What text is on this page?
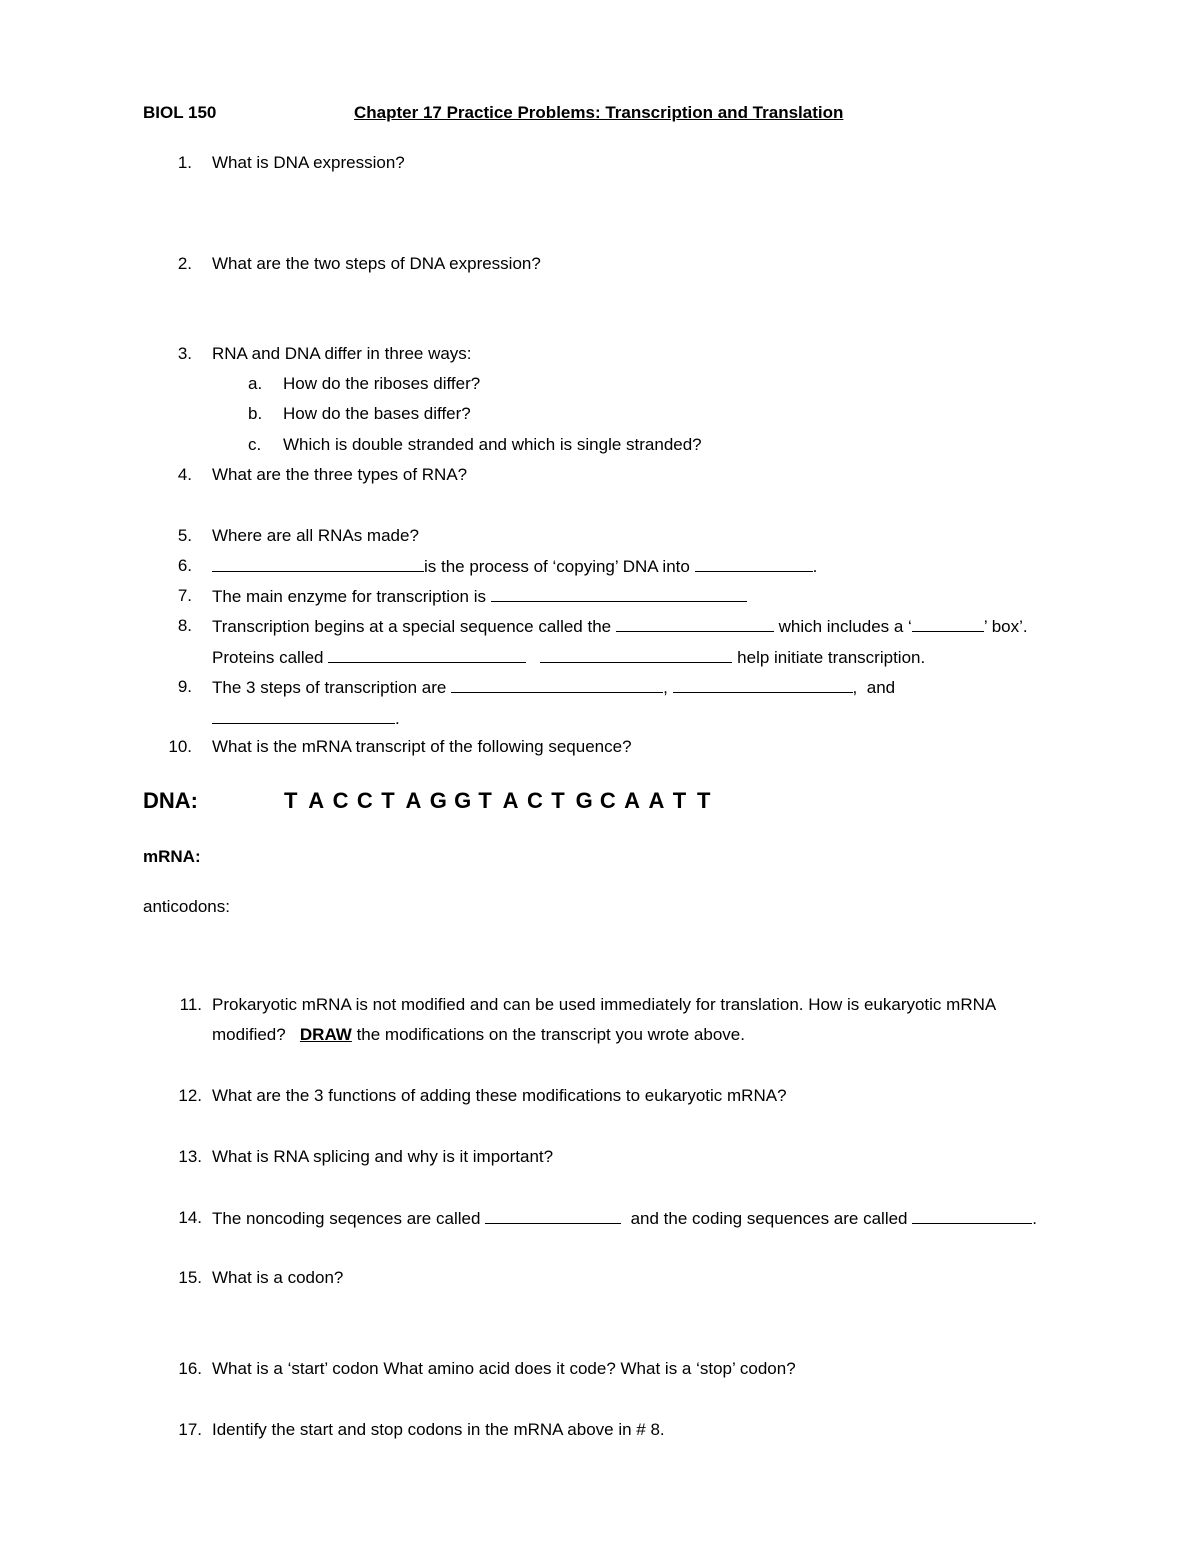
BIOL 150	Chapter 17 Practice Problems: Transcription and Translation
1. What is DNA expression?
2. What are the two steps of DNA expression?
3. RNA and DNA differ in three ways:
a.	How do the riboses differ?
b.	How do the bases differ?
c.	Which is double stranded and which is single stranded?
4. What are the three types of RNA?
5. Where are all RNAs made?
6.	is the process of ‘copying’ DNA into	.
7. The main enzyme for transcription is
8. Transcription begins at a special sequence called the	which includes a ‘	’ box’.
Proteins called	help initiate transcription.
9. The 3 steps of transcription are	,	, and
.
10. What is the mRNA transcript of the following sequence?
DNA:	T A C C T A G G T A C T G C A A T T
mRNA:
anticodons:
11. Prokaryotic mRNA is not modified and can be used immediately for translation. How is eukaryotic mRNA
modified? DRAW the modifications on the transcript you wrote above.
12. What are the 3 functions of adding these modifications to eukaryotic mRNA?
13. What is RNA splicing and why is it important?
14. The noncoding seqences are called	and the coding sequences are called	.
15. What is a codon?
16. What is a ‘start’ codon What amino acid does it code? What is a ‘stop’ codon?
17. Identify the start and stop codons in the mRNA above in # 8.
